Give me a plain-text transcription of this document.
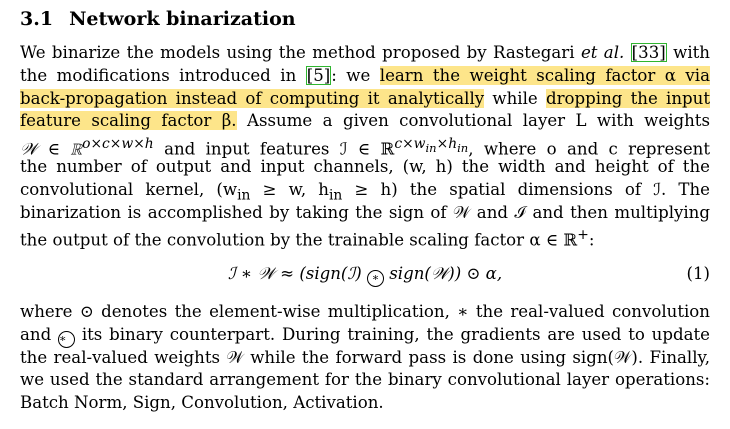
3.1 Network binarization
We binarize the models using the method proposed by Rastegari et al. [33] with
the modifications introduced in [5]: we learn the weight scaling factor α via
back-propagation instead of computing it analytically while dropping the input
feature scaling factor β. Assume a given convolutional layer L with weights
𝒲 ∈ ℝ$^{o\times c\times w\times h}$ and input features ℐ ∈ ℝ$^{c\times w_{in}\times h_{in}}$, where o and c represent
the number of output and input channels, (w, h) the width and height of the
convolutional kernel, ($w_{in} \ge w$, $h_{in} \ge h$) the spatial dimensions of ℐ. The
binarization is accomplished by taking the sign of 𝒲 and ℐ and then multiplying
the output of the convolution by the trainable scaling factor α ∈ ℝ+:
ℐ ∗ 𝒲 ≈ (sign(ℐ) ∗ sign(𝒲)) ⊙ α,	(1)
where ⊙ denotes the element-wise multiplication, ∗ the real-valued convolution
and ∗ its binary counterpart. During training, the gradients are used to update
the real-valued weights 𝒲 while the forward pass is done using sign(𝒲). Finally,
we used the standard arrangement for the binary convolutional layer operations:
Batch Norm, Sign, Convolution, Activation.
